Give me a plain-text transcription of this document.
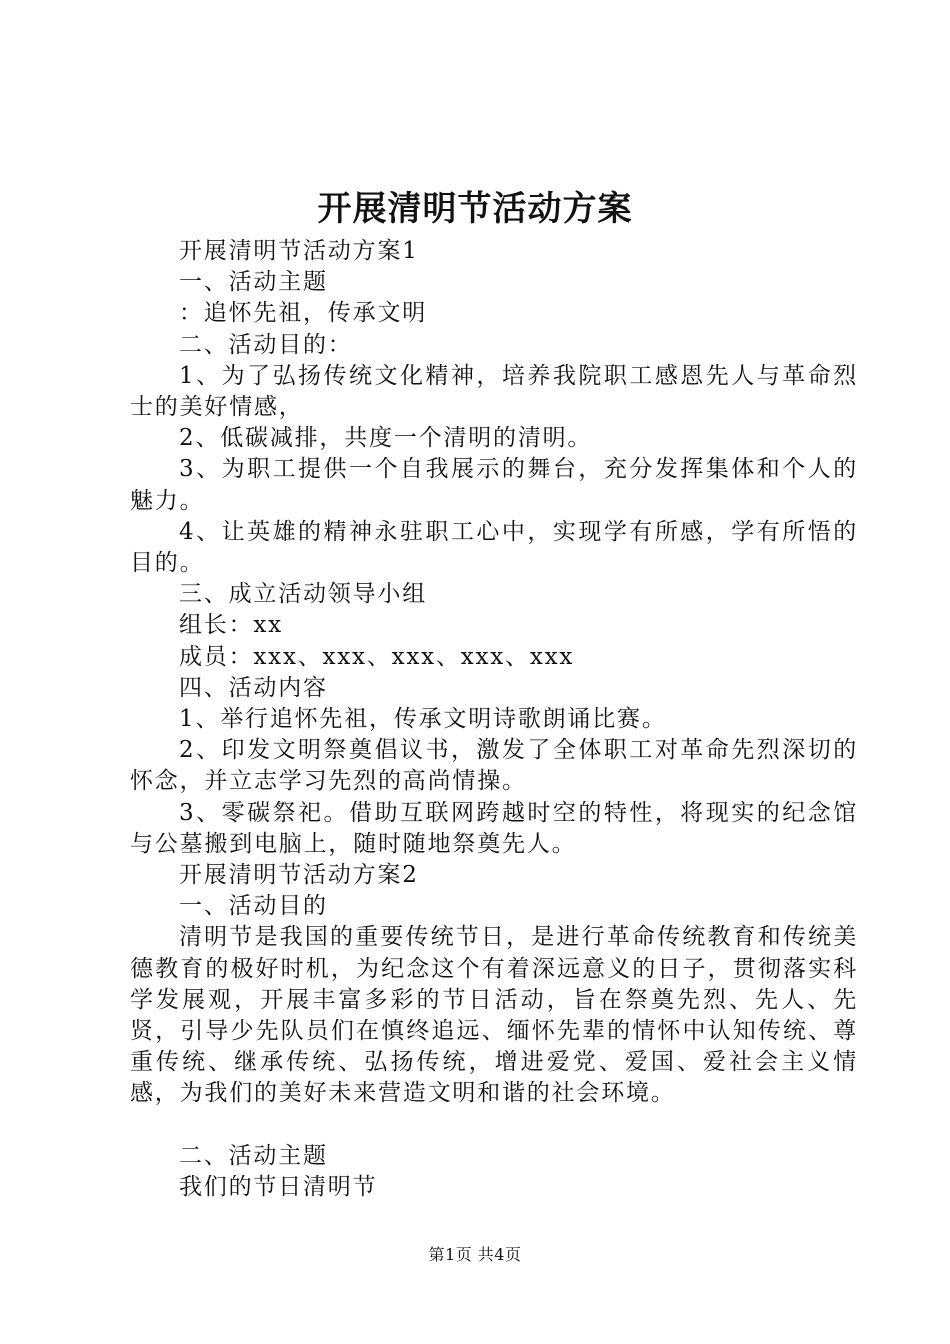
开展清明节活动方案

开展清明节活动方案1

一、活动主题

：追怀先祖，传承文明

二、活动目的：

1、为了弘扬传统文化精神，培养我院职工感恩先人与革命烈士的美好情感，

2、低碳减排，共度一个清明的清明。

3、为职工提供一个自我展示的舞台，充分发挥集体和个人的魅力。

4、让英雄的精神永驻职工心中，实现学有所感，学有所悟的目的。

三、成立活动领导小组

组长：xx

成员：xxx、xxx、xxx、xxx、xxx

四、活动内容

1、举行追怀先祖，传承文明诗歌朗诵比赛。

2、印发文明祭奠倡议书，激发了全体职工对革命先烈深切的怀念，并立志学习先烈的高尚情操。

3、零碳祭祀。借助互联网跨越时空的特性，将现实的纪念馆与公墓搬到电脑上，随时随地祭奠先人。

开展清明节活动方案2

一、活动目的

清明节是我国的重要传统节日，是进行革命传统教育和传统美德教育的极好时机，为纪念这个有着深远意义的日子，贯彻落实科学发展观，开展丰富多彩的节日活动，旨在祭奠先烈、先人、先贤，引导少先队员们在慎终追远、缅怀先辈的情怀中认知传统、尊重传统、继承传统、弘扬传统，增进爱党、爱国、爱社会主义情感，为我们的美好未来营造文明和谐的社会环境。

二、活动主题

我们的节日清明节

第1页 共4页
